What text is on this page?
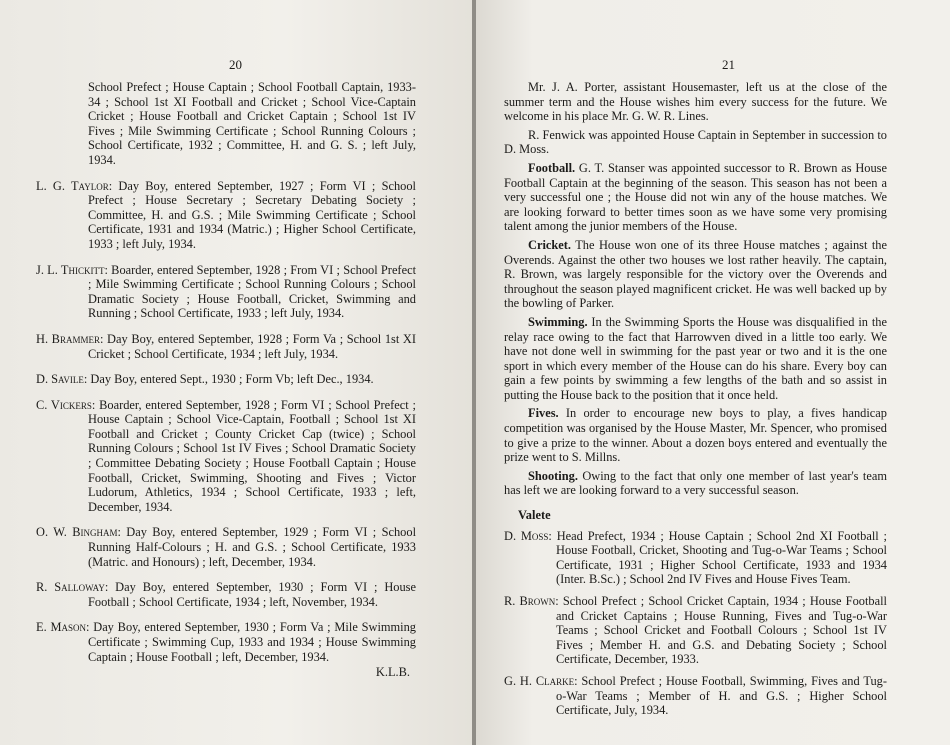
20

School Prefect ; House Captain ; School Football Captain, 1933-34 ; School 1st XI Football and Cricket ; School Vice-Captain Cricket ; House Football and Cricket Captain ; School 1st IV Fives ; Mile Swimming Certificate ; School Running Colours ; School Certificate, 1932 ; Committee, H. and G. S. ; left July, 1934.

L. G. Taylor: Day Boy, entered September, 1927 ; Form VI ; School Prefect ; House Secretary ; Secretary Debating Society ; Committee, H. and G.S. ; Mile Swimming Certificate ; School Certificate, 1931 and 1934 (Matric.) ; Higher School Certificate, 1933 ; left July, 1934.

J. L. Thickitt: Boarder, entered September, 1928 ; From VI ; School Prefect ; Mile Swimming Certificate ; School Running Colours ; School Dramatic Society ; House Football, Cricket, Swimming and Running ; School Certificate, 1933 ; left July, 1934.

H. Brammer: Day Boy, entered September, 1928 ; Form Va ; School 1st XI Cricket ; School Certificate, 1934 ; left July, 1934.

D. Savile: Day Boy, entered Sept., 1930 ; Form Vb; left Dec., 1934.

C. Vickers: Boarder, entered September, 1928 ; Form VI ; School Prefect ; House Captain ; School Vice-Captain, Football ; School 1st XI Football and Cricket ; County Cricket Cap (twice) ; School Running Colours ; School 1st IV Fives ; School Dramatic Society ; Committee Debating Society ; House Football Captain ; House Football, Cricket, Swimming, Shooting and Fives ; Victor Ludorum, Athletics, 1934 ; School Certificate, 1933 ; left, December, 1934.

O. W. Bingham: Day Boy, entered September, 1929 ; Form VI ; School Running Half-Colours ; H. and G.S. ; School Certificate, 1933 (Matric. and Honours) ; left, December, 1934.

R. Salloway: Day Boy, entered September, 1930 ; Form VI ; House Football ; School Certificate, 1934 ; left, November, 1934.

E. Mason: Day Boy, entered September, 1930 ; Form Va ; Mile Swimming Certificate ; Swimming Cup, 1933 and 1934 ; House Swimming Captain ; House Football ; left, December, 1934.

K.L.B.
21

Mr. J. A. Porter, assistant Housemaster, left us at the close of the summer term and the House wishes him every success for the future. We welcome in his place Mr. G. W. R. Lines.

R. Fenwick was appointed House Captain in September in succession to D. Moss.

Football. G. T. Stanser was appointed successor to R. Brown as House Football Captain at the beginning of the season. This season has not been a very successful one ; the House did not win any of the house matches. We are looking forward to better times soon as we have some very promising talent among the junior members of the House.

Cricket. The House won one of its three House matches ; against the Overends. Against the other two houses we lost rather heavily. The captain, R. Brown, was largely responsible for the victory over the Overends and throughout the season played magnificent cricket. He was well backed up by the bowling of Parker.

Swimming. In the Swimming Sports the House was disqualified in the relay race owing to the fact that Harrowven dived in a little too early. We have not done well in swimming for the past year or two and it is the one sport in which every member of the House can do his share. Every boy can gain a few points by swimming a few lengths of the bath and so assist in putting the House back to the position that it once held.

Fives. In order to encourage new boys to play, a fives handicap competition was organised by the House Master, Mr. Spencer, who promised to give a prize to the winner. About a dozen boys entered and eventually the prize went to S. Millns.

Shooting. Owing to the fact that only one member of last year's team has left we are looking forward to a very successful season.

Valete

D. Moss: Head Prefect, 1934 ; House Captain ; School 2nd XI Football ; House Football, Cricket, Shooting and Tug-o-War Teams ; School Certificate, 1931 ; Higher School Certificate, 1933 and 1934 (Inter. B.Sc.) ; School 2nd IV Fives and House Fives Team.

R. Brown: School Prefect ; School Cricket Captain, 1934 ; House Football and Cricket Captains ; House Running, Fives and Tug-o-War Teams ; School Cricket and Football Colours ; School 1st IV Fives ; Member H. and G.S. and Debating Society ; School Certificate, December, 1933.

G. H. Clarke: School Prefect ; House Football, Swimming, Fives and Tug-o-War Teams ; Member of H. and G.S. ; Higher School Certificate, July, 1934.
